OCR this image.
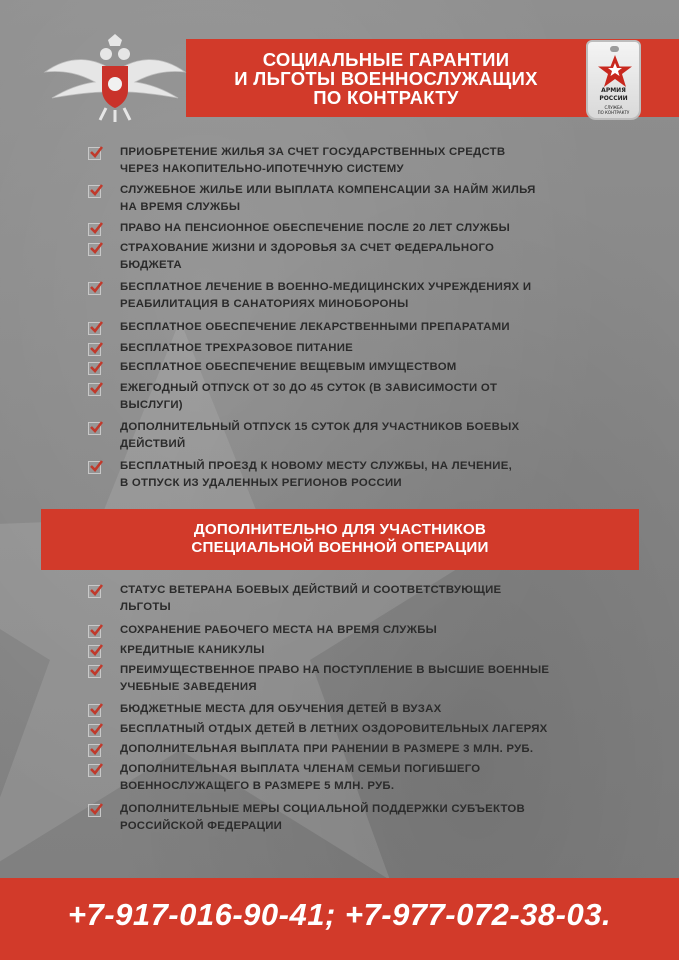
СОЦИАЛЬНЫЕ ГАРАНТИИ
И ЛЬГОТЫ ВОЕННОСЛУЖАЩИХ
ПО КОНТРАКТУ	АРМИЯ
РОССИИ
СЛУЖБА
ПО КОНТРАКТУ
ПРИОБРЕТЕНИЕ ЖИЛЬЯ ЗА СЧЕТ ГОСУДАРСТВЕННЫХ СРЕДСТВ
ЧЕРЕЗ НАКОПИТЕЛЬНО-ИПОТЕЧНУЮ СИСТЕМУ
СЛУЖЕБНОЕ ЖИЛЬЕ ИЛИ ВЫПЛАТА КОМПЕНСАЦИИ ЗА НАЙМ ЖИЛЬЯ
НА ВРЕМЯ СЛУЖБЫ
ПРАВО НА ПЕНСИОННОЕ ОБЕСПЕЧЕНИЕ ПОСЛЕ 20 ЛЕТ СЛУЖБЫ
СТРАХОВАНИЕ ЖИЗНИ И ЗДОРОВЬЯ ЗА СЧЕТ ФЕДЕРАЛЬНОГО
БЮДЖЕТА
БЕСПЛАТНОЕ ЛЕЧЕНИЕ В ВОЕННО-МЕДИЦИНСКИХ УЧРЕЖДЕНИЯХ И
РЕАБИЛИТАЦИЯ В САНАТОРИЯХ МИНОБОРОНЫ
БЕСПЛАТНОЕ ОБЕСПЕЧЕНИЕ ЛЕКАРСТВЕННЫМИ ПРЕПАРАТАМИ
БЕСПЛАТНОЕ ТРЕХРАЗОВОЕ ПИТАНИЕ
БЕСПЛАТНОЕ ОБЕСПЕЧЕНИЕ ВЕЩЕВЫМ ИМУЩЕСТВОМ
ЕЖЕГОДНЫЙ ОТПУСК ОТ 30 ДО 45 СУТОК (В ЗАВИСИМОСТИ ОТ
ВЫСЛУГИ)
ДОПОЛНИТЕЛЬНЫЙ ОТПУСК 15 СУТОК ДЛЯ УЧАСТНИКОВ БОЕВЫХ
ДЕЙСТВИЙ
БЕСПЛАТНЫЙ ПРОЕЗД К НОВОМУ МЕСТУ СЛУЖБЫ, НА ЛЕЧЕНИЕ,
В ОТПУСК ИЗ УДАЛЕННЫХ РЕГИОНОВ РОССИИ
ДОПОЛНИТЕЛЬНО ДЛЯ УЧАСТНИКОВ
СПЕЦИАЛЬНОЙ ВОЕННОЙ ОПЕРАЦИИ
СТАТУС ВЕТЕРАНА БОЕВЫХ ДЕЙСТВИЙ И СООТВЕТСТВУЮЩИЕ
ЛЬГОТЫ
СОХРАНЕНИЕ РАБОЧЕГО МЕСТА НА ВРЕМЯ СЛУЖБЫ
КРЕДИТНЫЕ КАНИКУЛЫ
ПРЕИМУЩЕСТВЕННОЕ ПРАВО НА ПОСТУПЛЕНИЕ В ВЫСШИЕ ВОЕННЫЕ
УЧЕБНЫЕ ЗАВЕДЕНИЯ
БЮДЖЕТНЫЕ МЕСТА ДЛЯ ОБУЧЕНИЯ ДЕТЕЙ В ВУЗАХ
БЕСПЛАТНЫЙ ОТДЫХ ДЕТЕЙ В ЛЕТНИХ ОЗДОРОВИТЕЛЬНЫХ ЛАГЕРЯХ
ДОПОЛНИТЕЛЬНАЯ ВЫПЛАТА ПРИ РАНЕНИИ В РАЗМЕРЕ 3 МЛН. РУБ.
ДОПОЛНИТЕЛЬНАЯ ВЫПЛАТА ЧЛЕНАМ СЕМЬИ ПОГИБШЕГО
ВОЕННОСЛУЖАЩЕГО В РАЗМЕРЕ 5 МЛН. РУБ.
ДОПОЛНИТЕЛЬНЫЕ МЕРЫ СОЦИАЛЬНОЙ ПОДДЕРЖКИ СУБЪЕКТОВ
РОССИЙСКОЙ ФЕДЕРАЦИИ
+7-917-016-90-41; +7-977-072-38-03.
